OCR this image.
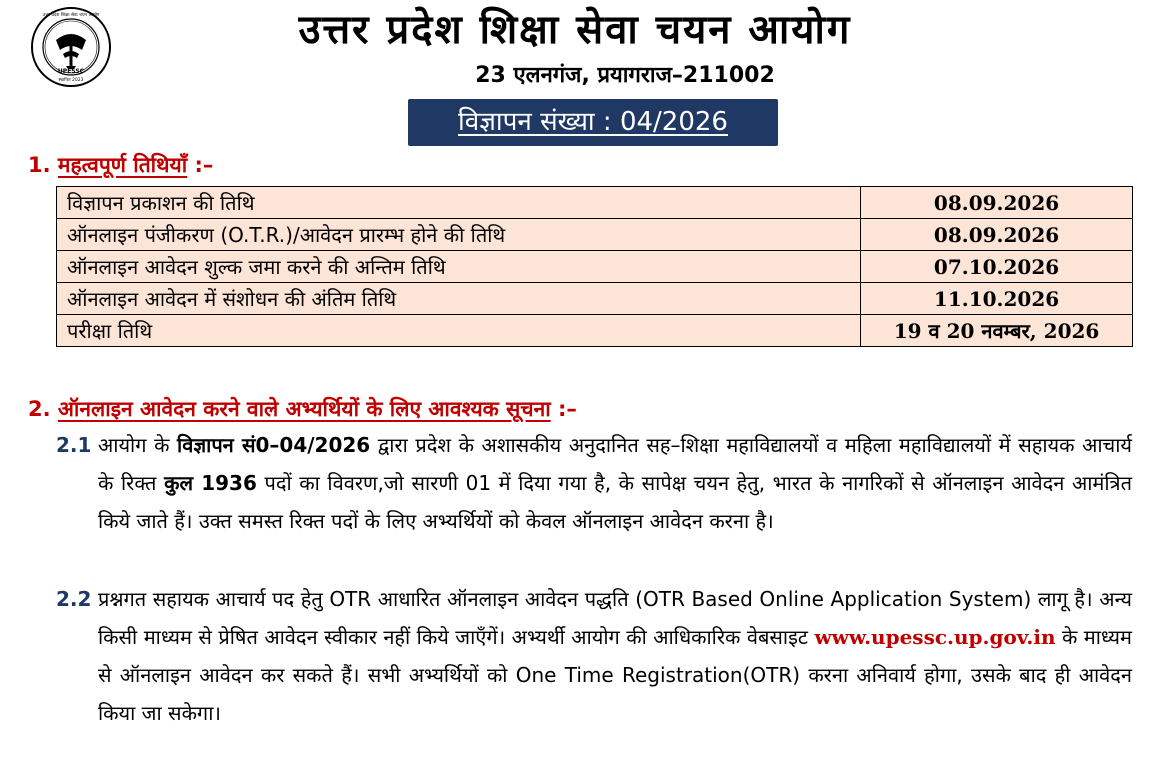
UPESSC
स्थापित 2023
उत्तर प्रदेश शिक्षा सेवा चयन आयोग	उत्तर प्रदेश शिक्षा सेवा चयन आयोग
23 एलनगंज, प्रयागराज–211002
विज्ञापन संख्या : 04/2026
1. महत्वपूर्ण तिथियाँ :–
विज्ञापन प्रकाशन की तिथि	08.09.2026
ऑनलाइन पंजीकरण (O.T.R.)/आवेदन प्रारम्भ होने की तिथि	08.09.2026
ऑनलाइन आवेदन शुल्क जमा करने की अन्तिम तिथि	07.10.2026
ऑनलाइन आवेदन में संशोधन की अंतिम तिथि	11.10.2026
परीक्षा तिथि	19 व 20 नवम्बर, 2026
2. ऑनलाइन आवेदन करने वाले अभ्यर्थियों के लिए आवश्यक सूचना :–
2.1 आयोग के विज्ञापन सं0–04/2026 द्वारा प्रदेश के अशासकीय अनुदानित सह–शिक्षा महाविद्यालयों व महिला महाविद्यालयों में सहायक आचार्य के रिक्त कुल 1936 पदों का विवरण,जो सारणी 01 में दिया गया है, के सापेक्ष चयन हेतु, भारत के नागरिकों से ऑनलाइन आवेदन आमंत्रित किये जाते हैं। उक्त समस्त रिक्त पदों के लिए अभ्यर्थियों को केवल ऑनलाइन आवेदन करना है।
2.2 प्रश्नगत सहायक आचार्य पद हेतु OTR आधारित ऑनलाइन आवेदन पद्धति (OTR Based Online Application System) लागू है। अन्य किसी माध्यम से प्रेषित आवेदन स्वीकार नहीं किये जाएँगें। अभ्यर्थी आयोग की आधिकारिक वेबसाइट www.upessc.up.gov.in के माध्यम से ऑनलाइन आवेदन कर सकते हैं। सभी अभ्यर्थियों को One Time Registration(OTR) करना अनिवार्य होगा, उसके बाद ही आवेदन किया जा सकेगा।
